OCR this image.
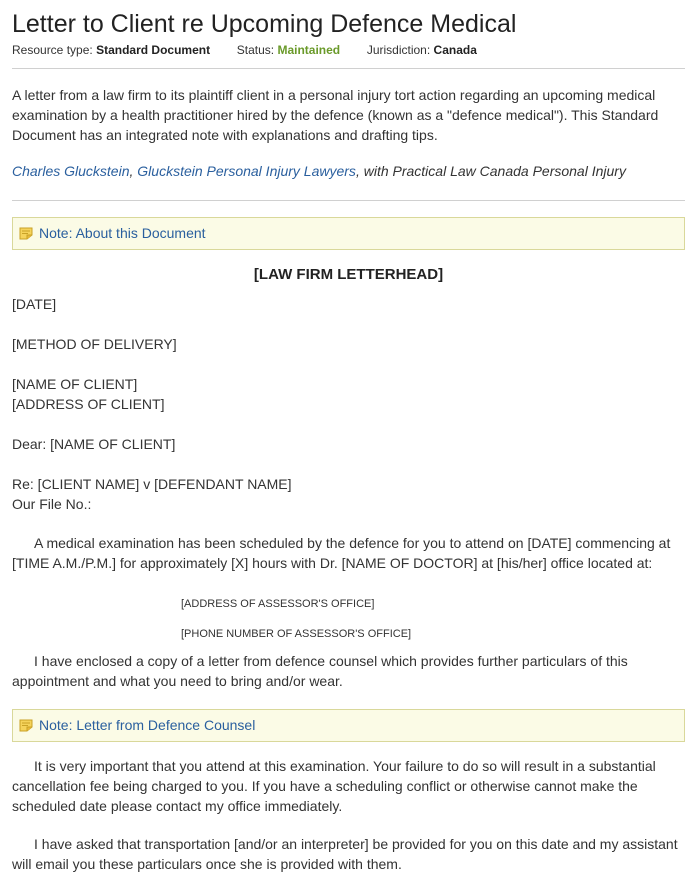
Letter to Client re Upcoming Defence Medical
Resource type: Standard Document Status: Maintained Jurisdiction: Canada
A letter from a law firm to its plaintiff client in a personal injury tort action regarding an upcoming medical examination by a health practitioner hired by the defence (known as a "defence medical"). This Standard Document has an integrated note with explanations and drafting tips.
Charles Gluckstein, Gluckstein Personal Injury Lawyers, with Practical Law Canada Personal Injury
Note: About this Document
[LAW FIRM LETTERHEAD]
[DATE]
[METHOD OF DELIVERY]
[NAME OF CLIENT]
[ADDRESS OF CLIENT]
Dear: [NAME OF CLIENT]
Re: [CLIENT NAME] v [DEFENDANT NAME]
Our File No.:
A medical examination has been scheduled by the defence for you to attend on [DATE] commencing at [TIME A.M./P.M.] for approximately [X] hours with Dr. [NAME OF DOCTOR] at [his/her] office located at:
[ADDRESS OF ASSESSOR'S OFFICE]
[PHONE NUMBER OF ASSESSOR'S OFFICE]
I have enclosed a copy of a letter from defence counsel which provides further particulars of this appointment and what you need to bring and/or wear.
Note: Letter from Defence Counsel
It is very important that you attend at this examination. Your failure to do so will result in a substantial cancellation fee being charged to you. If you have a scheduling conflict or otherwise cannot make the scheduled date please contact my office immediately.
I have asked that transportation [and/or an interpreter] be provided for you on this date and my assistant will email you these particulars once she is provided with them.
